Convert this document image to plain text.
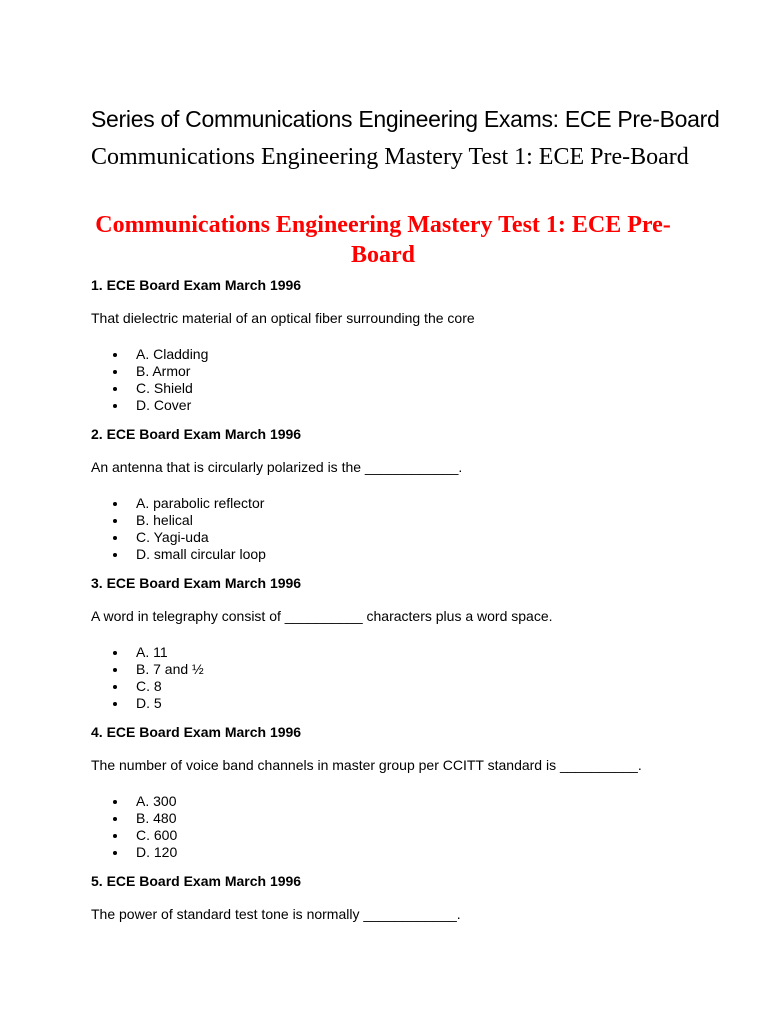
Series of Communications Engineering Exams: ECE Pre-Board
Communications Engineering Mastery Test 1: ECE Pre-Board
Communications Engineering Mastery Test 1: ECE Pre-Board

1. ECE Board Exam March 1996

That dielectric material of an optical fiber surrounding the core

A. Cladding
B. Armor
C. Shield
D. Cover

2. ECE Board Exam March 1996

An antenna that is circularly polarized is the ____________.

A. parabolic reflector
B. helical
C. Yagi-uda
D. small circular loop

3. ECE Board Exam March 1996

A word in telegraphy consist of __________ characters plus a word space.

A. 11
B. 7 and ½
C. 8
D. 5

4. ECE Board Exam March 1996

The number of voice band channels in master group per CCITT standard is __________.

A. 300
B. 480
C. 600
D. 120

5. ECE Board Exam March 1996

The power of standard test tone is normally ____________.
